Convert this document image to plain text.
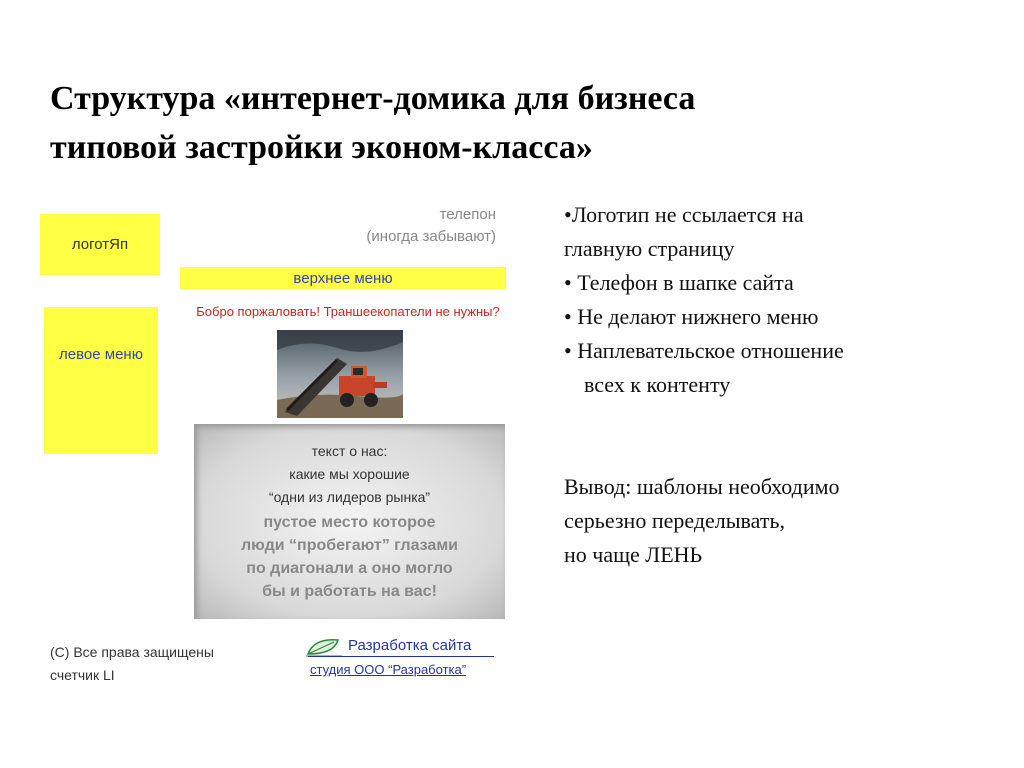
Структура «интернет-домика для бизнеса
типовой застройки эконом-класса»
логотЯп
телепон
(иногда забывают)
верхнее меню
Бобро поржаловать! Траншеекопатели не нужны?
левое меню
текст о нас:
какие мы хорошие
“одни из лидеров рынка”
пустое место которое
люди “пробегают” глазами
по диагонали а оно могло
бы и работать на вас!
(С) Все права защищены
счетчик LI
Разработка сайта
студия ООО “Разработка”
•Логотип не ссылается на
главную страницу
• Телефон в шапке сайта
• Не делают нижнего меню
• Наплевательское отношение
всех к контенту
Вывод: шаблоны необходимо
серьезно переделывать,
но чаще ЛЕНЬ
